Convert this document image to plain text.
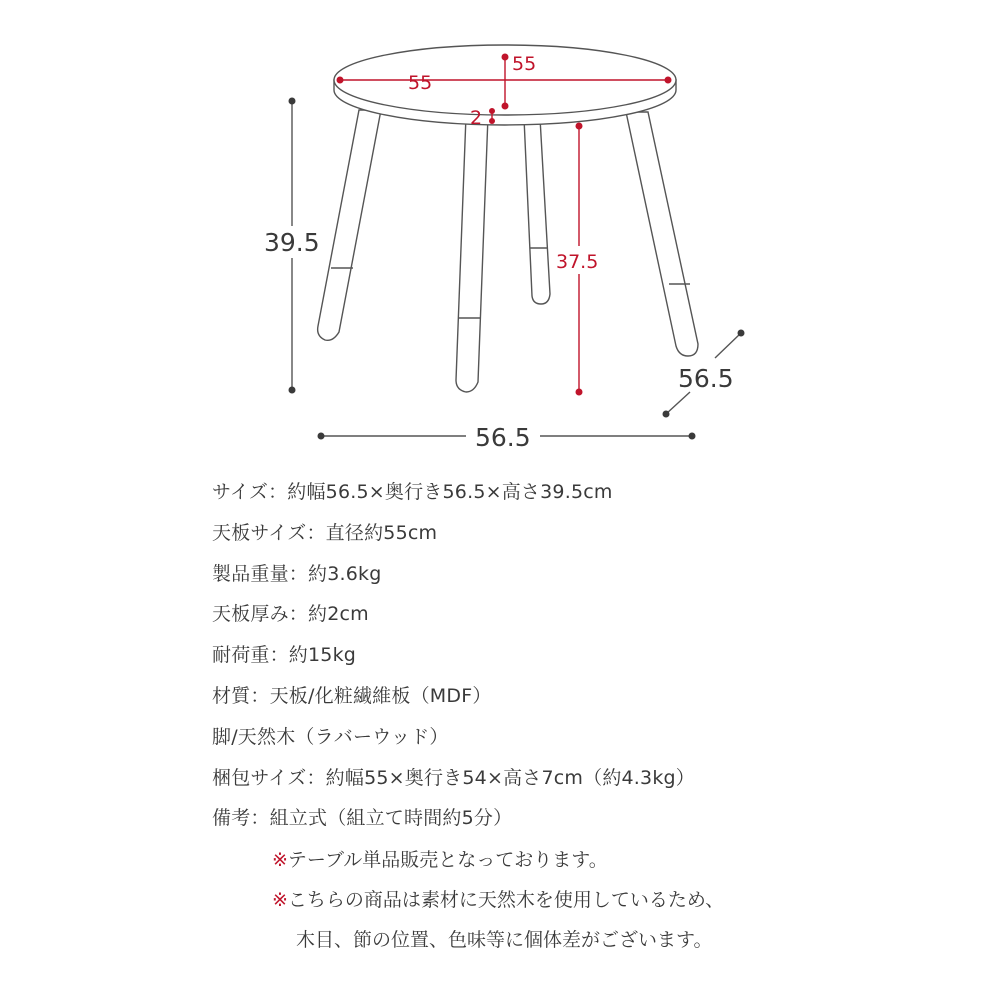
55
55
2
37.5
39.5
56.5
56.5
サイズ：約幅56.5×奥行き56.5×高さ39.5cm
天板サイズ：直径約55cm
製品重量：約3.6kg
天板厚み：約2cm
耐荷重：約15kg
材質：天板/化粧繊維板（MDF）
脚/天然木（ラバーウッド）
梱包サイズ：約幅55×奥行き54×高さ7cm（約4.3kg）
備考：組立式（組立て時間約5分）
※テーブル単品販売となっております。
※こちらの商品は素材に天然木を使用しているため、
木目、節の位置、色味等に個体差がございます。
